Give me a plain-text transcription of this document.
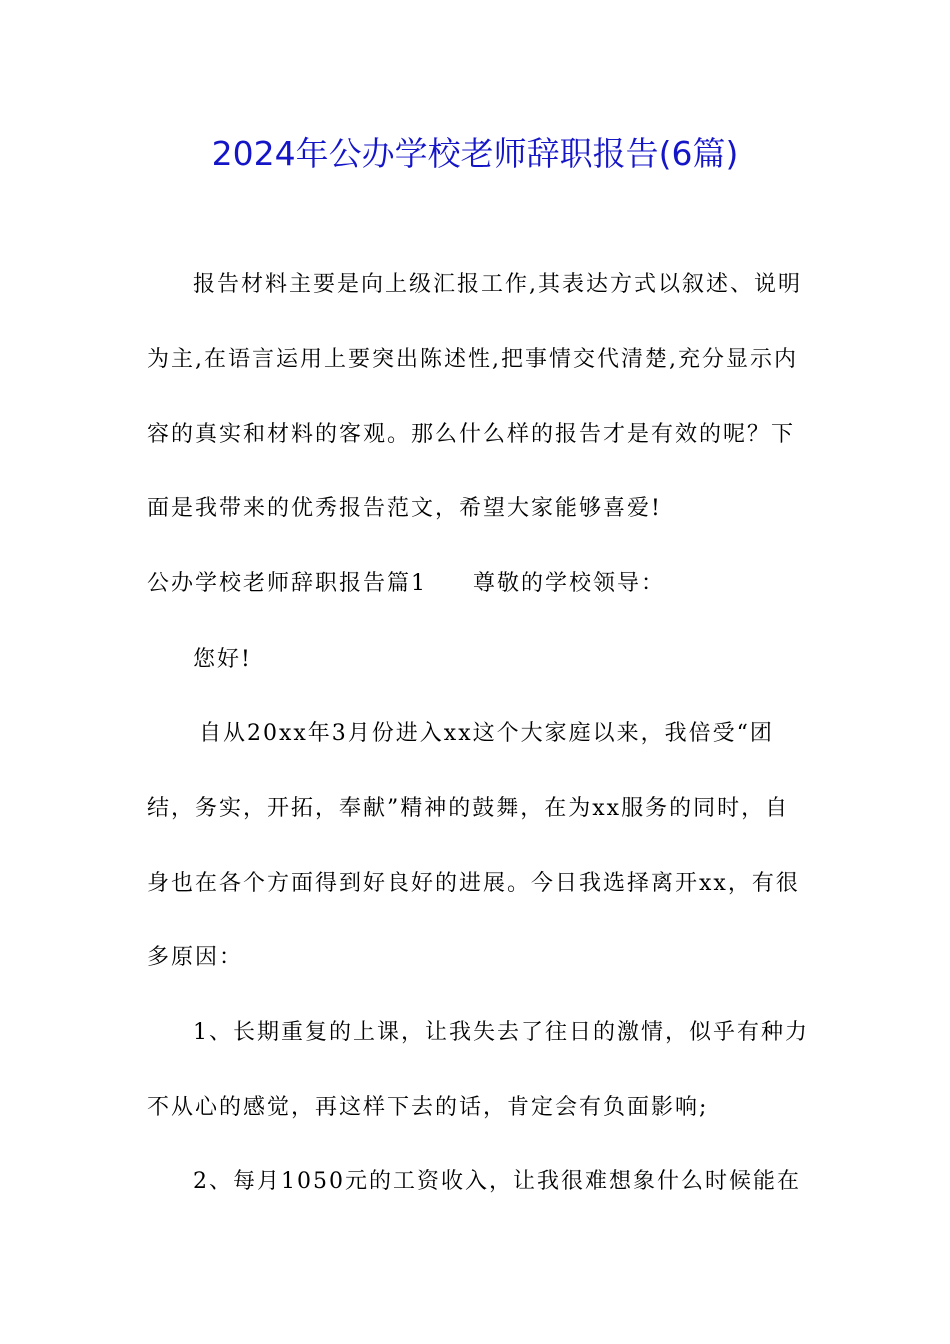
2024年公办学校老师辞职报告(6篇)
报告材料主要是向上级汇报工作,其表达方式以叙述、说明
为主,在语言运用上要突出陈述性,把事情交代清楚,充分显示内
容的真实和材料的客观。那么什么样的报告才是有效的呢？下
面是我带来的优秀报告范文，希望大家能够喜爱!
公办学校老师辞职报告篇1 尊敬的学校领导：
您好!
自从20xx年3月份进入xx这个大家庭以来，我倍受“团
结，务实，开拓，奉献”精神的鼓舞，在为xx服务的同时，自
身也在各个方面得到好良好的进展。今日我选择离开xx，有很
多原因：
1、长期重复的上课，让我失去了往日的激情，似乎有种力
不从心的感觉，再这样下去的话，肯定会有负面影响;
2、每月1050元的工资收入，让我很难想象什么时候能在
